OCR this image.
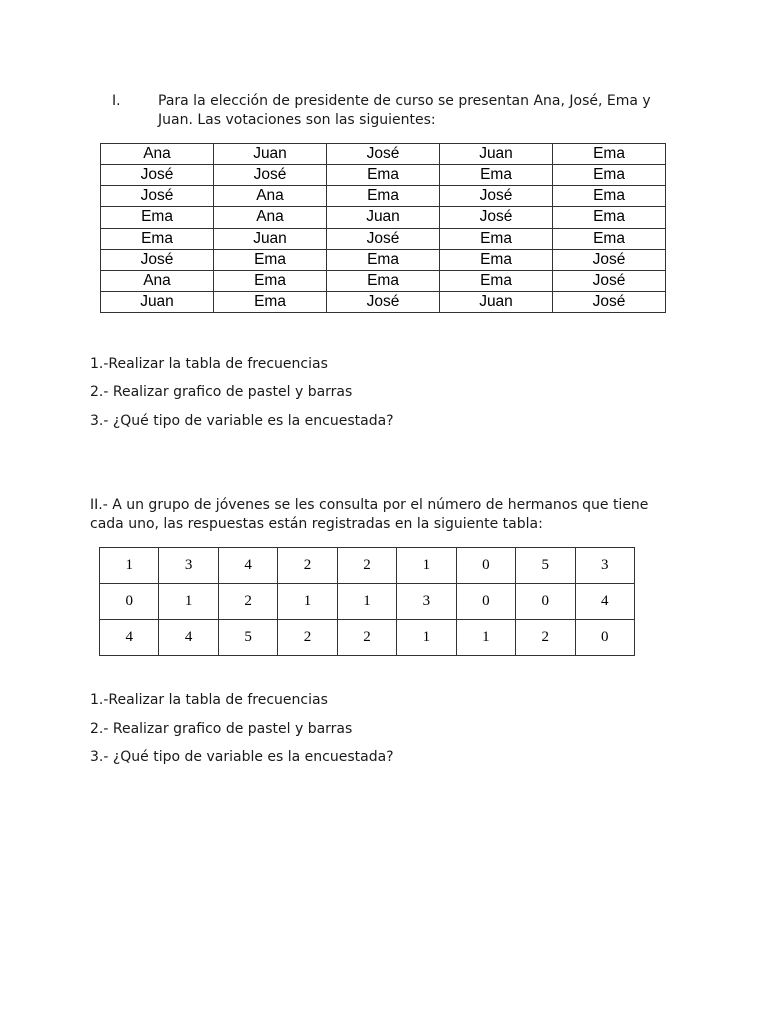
I.	Para la elección de presidente de curso se presentan Ana, José, Ema y
Juan. Las votaciones son las siguientes:
Ana	Juan	José	Juan	Ema
José	José	Ema	Ema	Ema
José	Ana	Ema	José	Ema
Ema	Ana	Juan	José	Ema
Ema	Juan	José	Ema	Ema
José	Ema	Ema	Ema	José
Ana	Ema	Ema	Ema	José
Juan	Ema	José	Juan	José
1.-Realizar la tabla de frecuencias
2.- Realizar grafico de pastel y barras
3.- ¿Qué tipo de variable es la encuestada?
II.- A un grupo de jóvenes se les consulta por el número de hermanos que tiene
cada uno, las respuestas están registradas en la siguiente tabla:
1	3	4	2	2	1	0	5	3
0	1	2	1	1	3	0	0	4
4	4	5	2	2	1	1	2	0
1.-Realizar la tabla de frecuencias
2.- Realizar grafico de pastel y barras
3.- ¿Qué tipo de variable es la encuestada?
